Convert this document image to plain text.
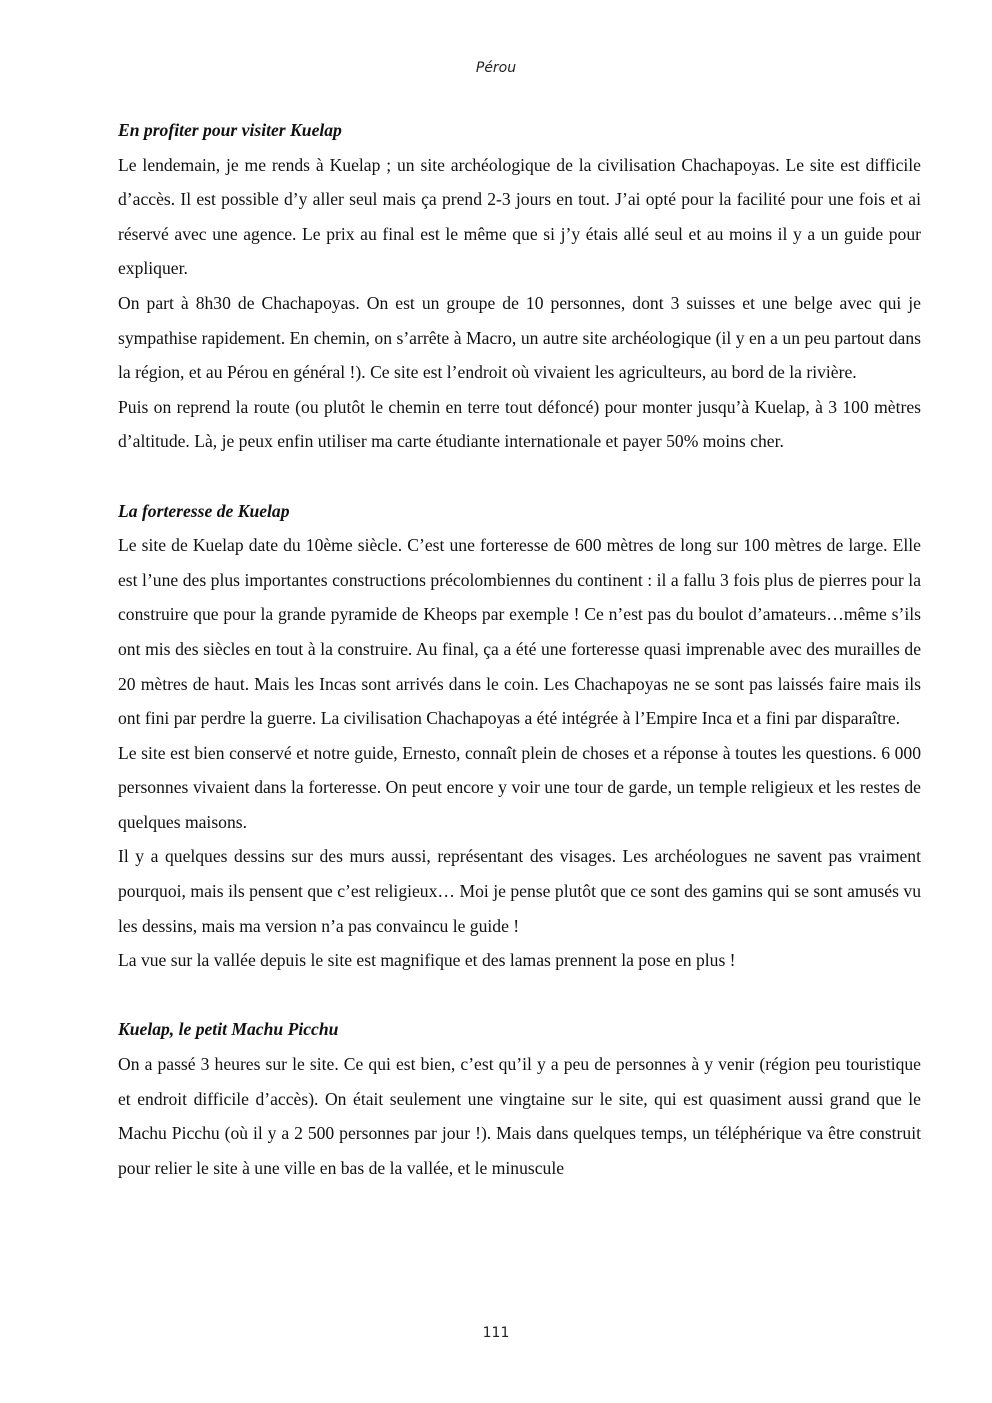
Pérou

En profiter pour visiter Kuelap

Le lendemain, je me rends à Kuelap ; un site archéologique de la civilisation Chachapoyas. Le site est difficile d’accès. Il est possible d’y aller seul mais ça prend 2-3 jours en tout. J’ai opté pour la facilité pour une fois et ai réservé avec une agence. Le prix au final est le même que si j’y étais allé seul et au moins il y a un guide pour expliquer.

On part à 8h30 de Chachapoyas. On est un groupe de 10 personnes, dont 3 suisses et une belge avec qui je sympathise rapidement. En chemin, on s’arrête à Macro, un autre site archéologique (il y en a un peu partout dans la région, et au Pérou en général !). Ce site est l’endroit où vivaient les agriculteurs, au bord de la rivière.

Puis on reprend la route (ou plutôt le chemin en terre tout défoncé) pour monter jusqu’à Kuelap, à 3 100 mètres d’altitude. Là, je peux enfin utiliser ma carte étudiante internationale et payer 50% moins cher.

La forteresse de Kuelap

Le site de Kuelap date du 10ème siècle. C’est une forteresse de 600 mètres de long sur 100 mètres de large. Elle est l’une des plus importantes constructions précolombiennes du continent : il a fallu 3 fois plus de pierres pour la construire que pour la grande pyramide de Kheops par exemple ! Ce n’est pas du boulot d’amateurs…même s’ils ont mis des siècles en tout à la construire. Au final, ça a été une forteresse quasi imprenable avec des murailles de 20 mètres de haut. Mais les Incas sont arrivés dans le coin. Les Chachapoyas ne se sont pas laissés faire mais ils ont fini par perdre la guerre. La civilisation Chachapoyas a été intégrée à l’Empire Inca et a fini par disparaître.

Le site est bien conservé et notre guide, Ernesto, connaît plein de choses et a réponse à toutes les questions. 6 000 personnes vivaient dans la forteresse. On peut encore y voir une tour de garde, un temple religieux et les restes de quelques maisons.

Il y a quelques dessins sur des murs aussi, représentant des visages. Les archéologues ne savent pas vraiment pourquoi, mais ils pensent que c’est religieux… Moi je pense plutôt que ce sont des gamins qui se sont amusés vu les dessins, mais ma version n’a pas convaincu le guide !

La vue sur la vallée depuis le site est magnifique et des lamas prennent la pose en plus !

Kuelap, le petit Machu Picchu

On a passé 3 heures sur le site. Ce qui est bien, c’est qu’il y a peu de personnes à y venir (région peu touristique et endroit difficile d’accès). On était seulement une vingtaine sur le site, qui est quasiment aussi grand que le Machu Picchu (où il y a 2 500 personnes par jour !). Mais dans quelques temps, un téléphérique va être construit pour relier le site à une ville en bas de la vallée, et le minuscule

111
